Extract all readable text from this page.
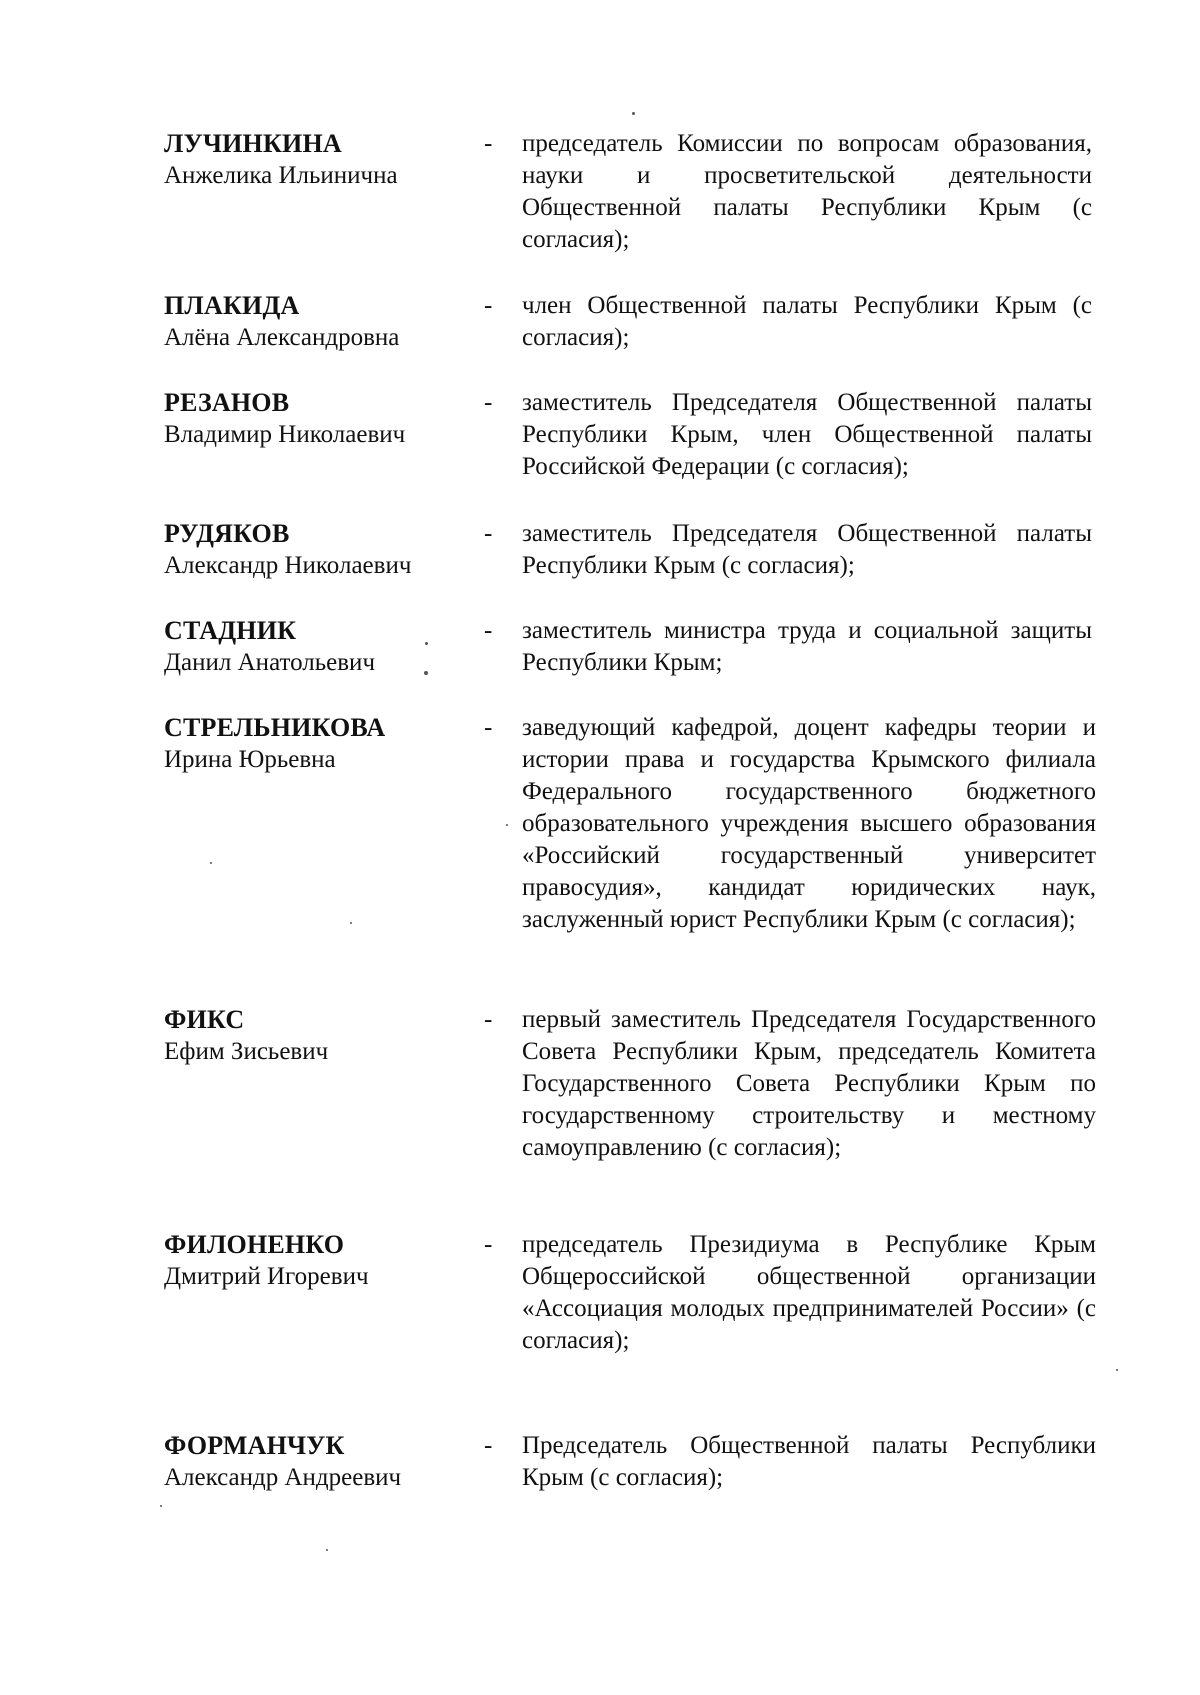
ЛУЧИНКИНА
Анжелика Ильинична
- председатель Комиссии по вопросам образования, науки и просветительской деятельности Общественной палаты Республики Крым (с согласия);
ПЛАКИДА
Алёна Александровна
- член Общественной палаты Республики Крым (с согласия);
РЕЗАНОВ
Владимир Николаевич
- заместитель Председателя Общественной палаты Республики Крым, член Общественной палаты Российской Федерации (с согласия);
РУДЯКОВ
Александр Николаевич
- заместитель Председателя Общественной палаты Республики Крым (с согласия);
СТАДНИК
Данил Анатольевич
- заместитель министра труда и социальной защиты Республики Крым;
СТРЕЛЬНИКОВА
Ирина Юрьевна
- заведующий кафедрой, доцент кафедры теории и истории права и государства Крымского филиала Федерального государственного бюджетного образовательного учреждения высшего образования «Российский государственный университет правосудия», кандидат юридических наук, заслуженный юрист Республики Крым (с согласия);
ФИКС
Ефим Зисьевич
- первый заместитель Председателя Государственного Совета Республики Крым, председатель Комитета Государственного Совета Республики Крым по государственному строительству и местному самоуправлению (с согласия);
ФИЛОНЕНКО
Дмитрий Игоревич
- председатель Президиума в Республике Крым Общероссийской общественной организации «Ассоциация молодых предпринимателей России» (с согласия);
ФОРМАНЧУК
Александр Андреевич
- Председатель Общественной палаты Республики Крым (с согласия);
